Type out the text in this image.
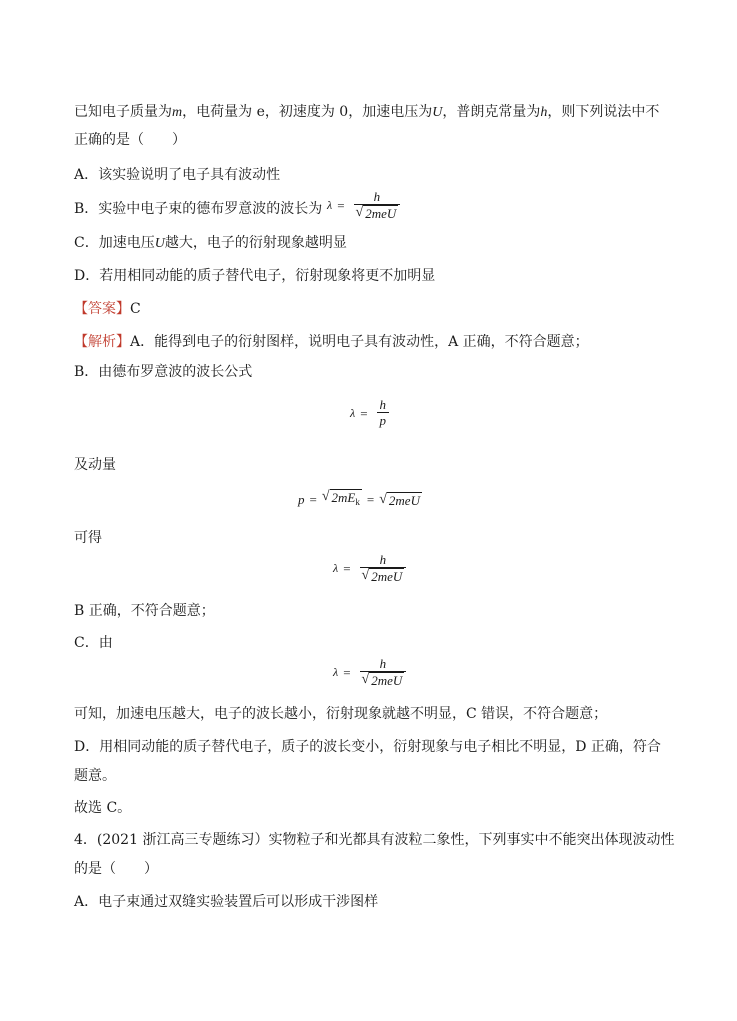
已知电子质量为m，电荷量为 e，初速度为 0，加速电压为U，普朗克常量为h，则下列说法中不
正确的是（　　）
A．该实验说明了电子具有波动性
B．实验中电子束的德布罗意波的波长为 $\lambda = \frac{h}{\text{√ 2meU}}$
C．加速电压U越大，电子的衍射现象越明显
D．若用相同动能的质子替代电子，衍射现象将更不加明显
【答案】C
【解析】A．能得到电子的衍射图样，说明电子具有波动性，A 正确，不符合题意；
B．由德布罗意波的波长公式
$\lambda = \frac{h}{p}$
及动量
p = √ $2mE_k$ = √ 2meU
可得
$\lambda = \frac{h}{\text{√ 2meU}}$
B 正确，不符合题意；
C．由
$\lambda = \frac{h}{\text{√ 2meU}}$
可知，加速电压越大，电子的波长越小，衍射现象就越不明显，C 错误，不符合题意；
D．用相同动能的质子替代电子，质子的波长变小，衍射现象与电子相比不明显，D 正确，符合
题意。
故选 C。
4．(2021 浙江高三专题练习）实物粒子和光都具有波粒二象性，下列事实中不能突出体现波动性
的是（　　）
A．电子束通过双缝实验装置后可以形成干涉图样
